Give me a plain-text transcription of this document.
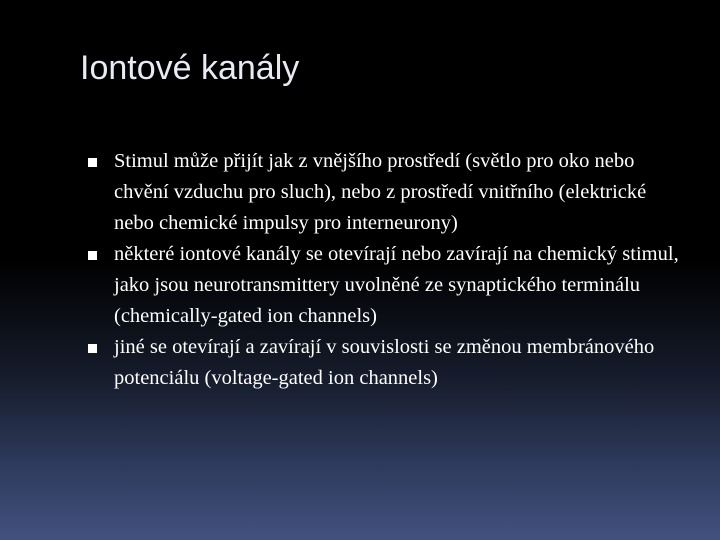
Iontové kanály
Stimul může přijít jak z vnějšího prostředí (světlo pro oko nebo chvění vzduchu pro sluch), nebo z prostředí vnitřního (elektrické nebo chemické impulsy pro interneurony)
některé iontové kanály se otevírají nebo zavírají na chemický stimul, jako jsou neurotransmittery uvolněné ze synaptického terminálu (chemically-gated ion channels)
jiné se otevírají a zavírají v souvislosti se změnou membránového potenciálu (voltage-gated ion channels)
